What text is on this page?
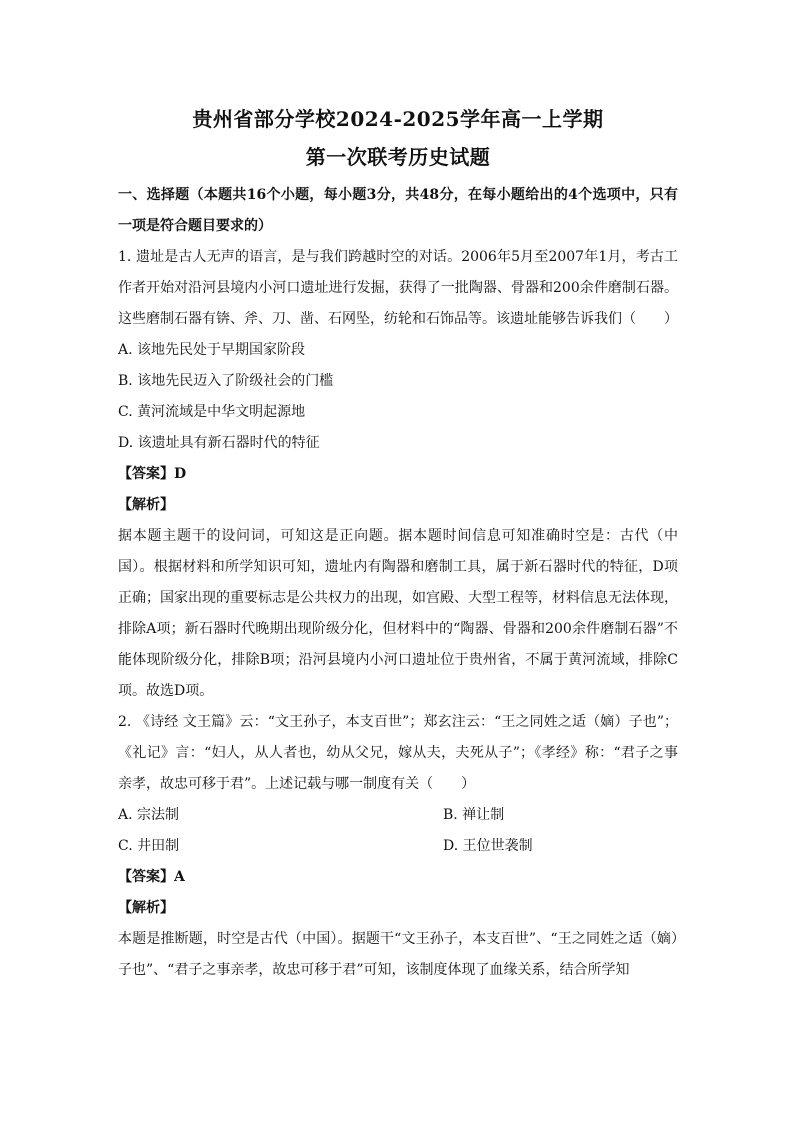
贵州省部分学校2024-2025学年高一上学期
第一次联考历史试题

一、选择题（本题共16个小题，每小题3分，共48分，在每小题给出的4个选项中，只有一项是符合题目要求的）

1. 遗址是古人无声的语言，是与我们跨越时空的对话。2006年5月至2007年1月，考古工作者开始对沿河县境内小河口遗址进行发掘，获得了一批陶器、骨器和200余件磨制石器。这些磨制石器有锛、斧、刀、凿、石网坠，纺轮和石饰品等。该遗址能够告诉我们（　　）

A. 该地先民处于早期国家阶段

B. 该地先民迈入了阶级社会的门槛

C. 黄河流域是中华文明起源地

D. 该遗址具有新石器时代的特征

【答案】D

【解析】

据本题主题干的设问词，可知这是正向题。据本题时间信息可知准确时空是：古代（中国）。根据材料和所学知识可知，遗址内有陶器和磨制工具，属于新石器时代的特征，D项正确；国家出现的重要标志是公共权力的出现，如宫殿、大型工程等，材料信息无法体现，排除A项；新石器时代晚期出现阶级分化，但材料中的“陶器、骨器和200余件磨制石器”不能体现阶级分化，排除B项；沿河县境内小河口遗址位于贵州省，不属于黄河流域，排除C项。故选D项。

2. 《诗经 文王篇》云：“文王孙子，本支百世”；郑玄注云：“王之同姓之适（嫡）子也”；《礼记》言：“妇人，从人者也，幼从父兄，嫁从夫，夫死从子”；《孝经》称：“君子之事亲孝，故忠可移于君”。上述记载与哪一制度有关（　　）

A. 宗法制	B. 禅让制
C. 井田制	D. 王位世袭制

【答案】A

【解析】

本题是推断题，时空是古代（中国）。据题干“文王孙子，本支百世”、“王之同姓之适（嫡）子也”、“君子之事亲孝，故忠可移于君”可知，该制度体现了血缘关系，结合所学知
